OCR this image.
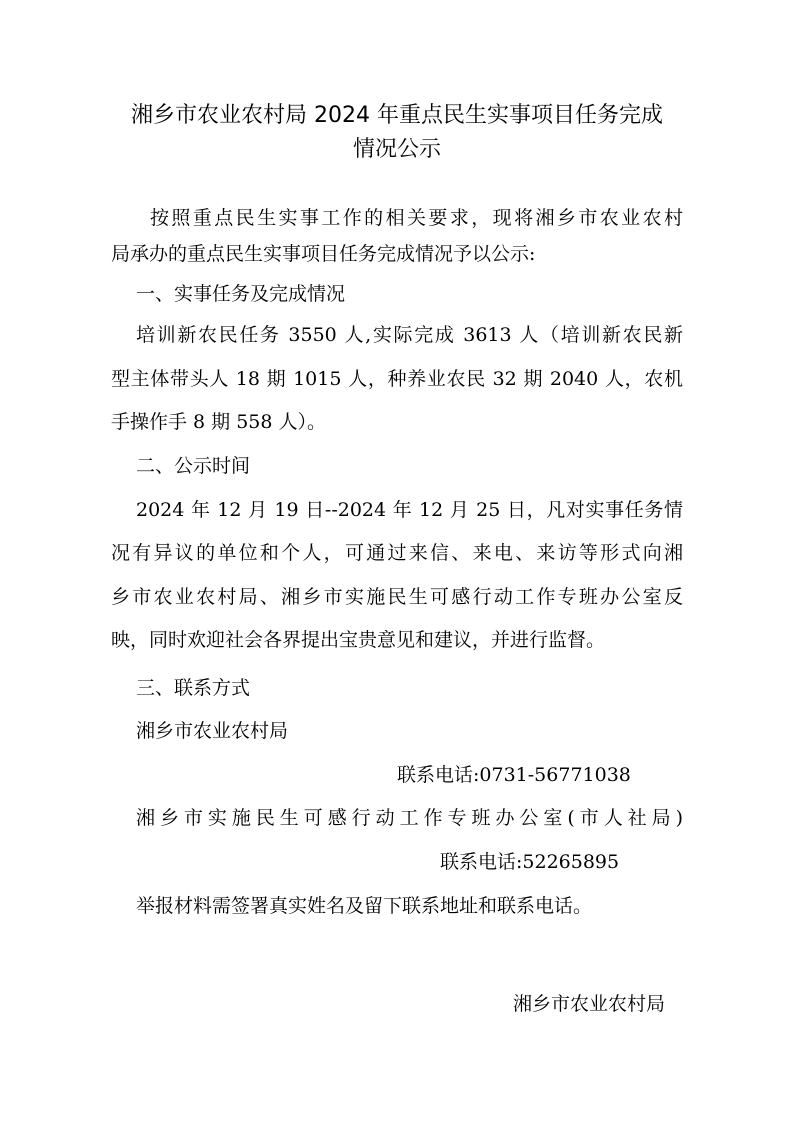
湘乡市农业农村局 2024 年重点民生实事项目任务完成
情况公示
按照重点民生实事工作的相关要求，现将湘乡市农业农村
局承办的重点民生实事项目任务完成情况予以公示:
一、实事任务及完成情况
培训新农民任务 3550 人,实际完成 3613 人（培训新农民新
型主体带头人 18 期 1015 人，种养业农民 32 期 2040 人，农机
手操作手 8 期 558 人）。
二、公示时间
2024 年 12 月 19 日--2024 年 12 月 25 日，凡对实事任务情
况有异议的单位和个人，可通过来信、来电、来访等形式向湘
乡市农业农村局、湘乡市实施民生可感行动工作专班办公室反
映，同时欢迎社会各界提出宝贵意见和建议，并进行监督。
三、联系方式
湘乡市农业农村局
联系电话:0731-56771038
湘乡市实施民生可感行动工作专班办公室(市人社局)
联系电话:52265895
举报材料需签署真实姓名及留下联系地址和联系电话。
湘乡市农业农村局
